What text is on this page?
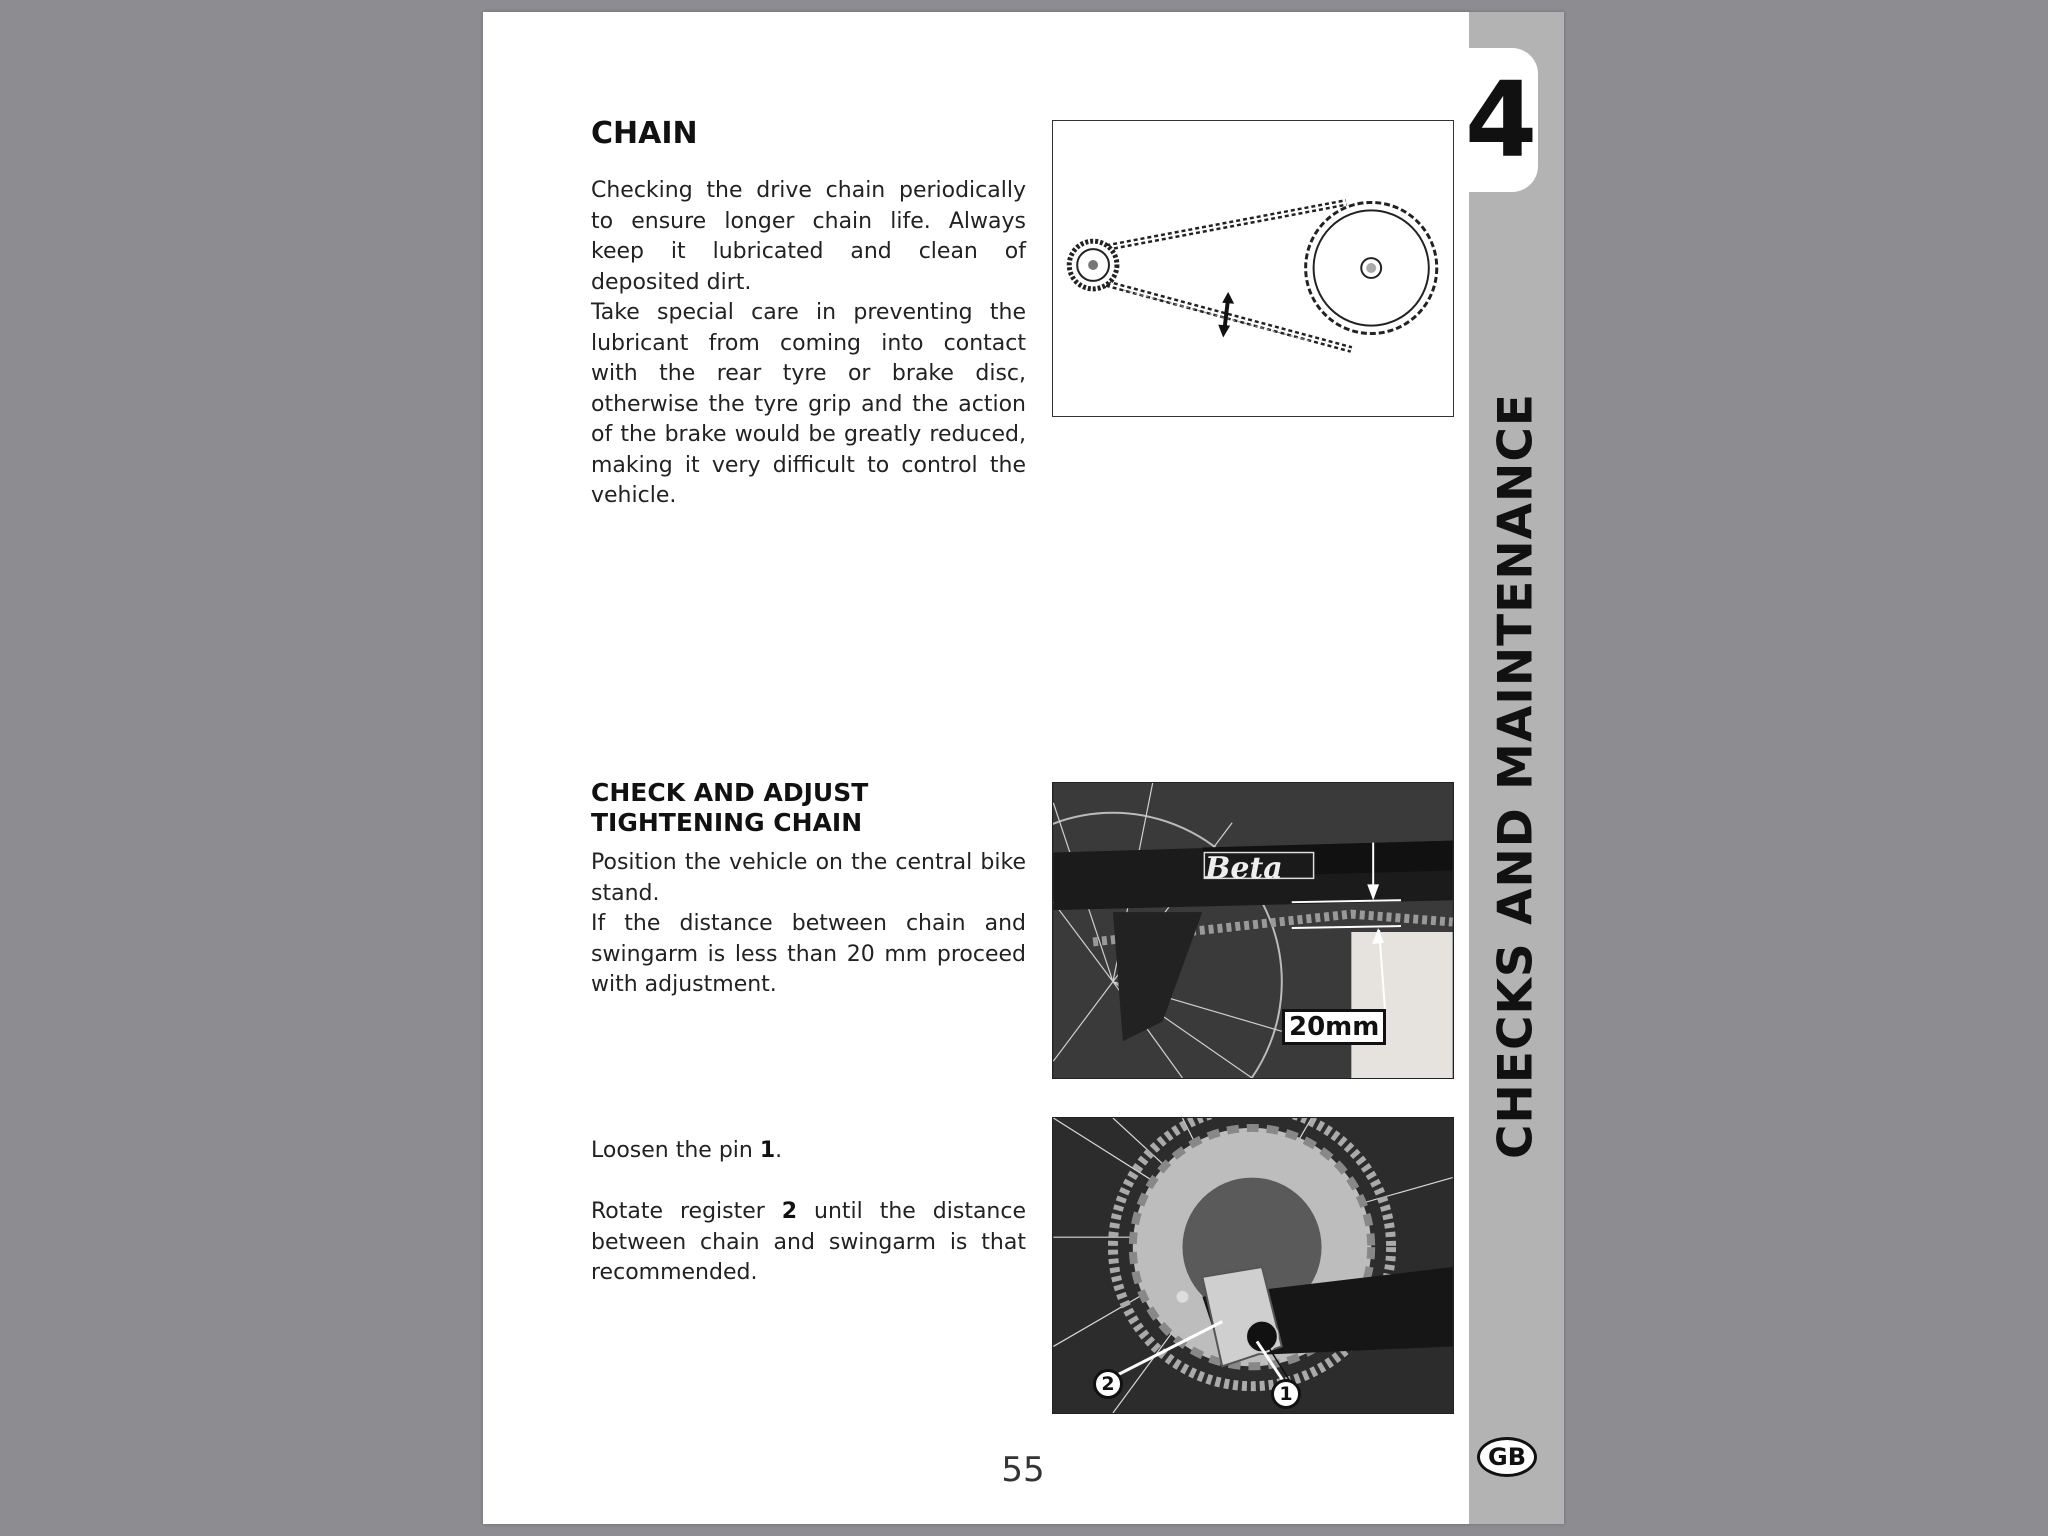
4
CHECKS AND MAINTENANCE
GB
CHAIN
Checking the drive chain periodically to ensure longer chain life. Always keep it lubricated and clean of deposited dirt.
Take special care in preventing the lubricant from coming into contact with the rear tyre or brake disc, otherwise the tyre grip and the action of the brake would be greatly reduced, making it very difficult to control the vehicle.
CHECK AND ADJUST
TIGHTENING CHAIN
Position the vehicle on the central bike stand.
If the distance between chain and swingarm is less than 20 mm proceed with adjustment.
Beta
20mm
Loosen the pin 1.
Rotate register 2 until the distance between chain and swingarm is that recommended.
2	1
55
